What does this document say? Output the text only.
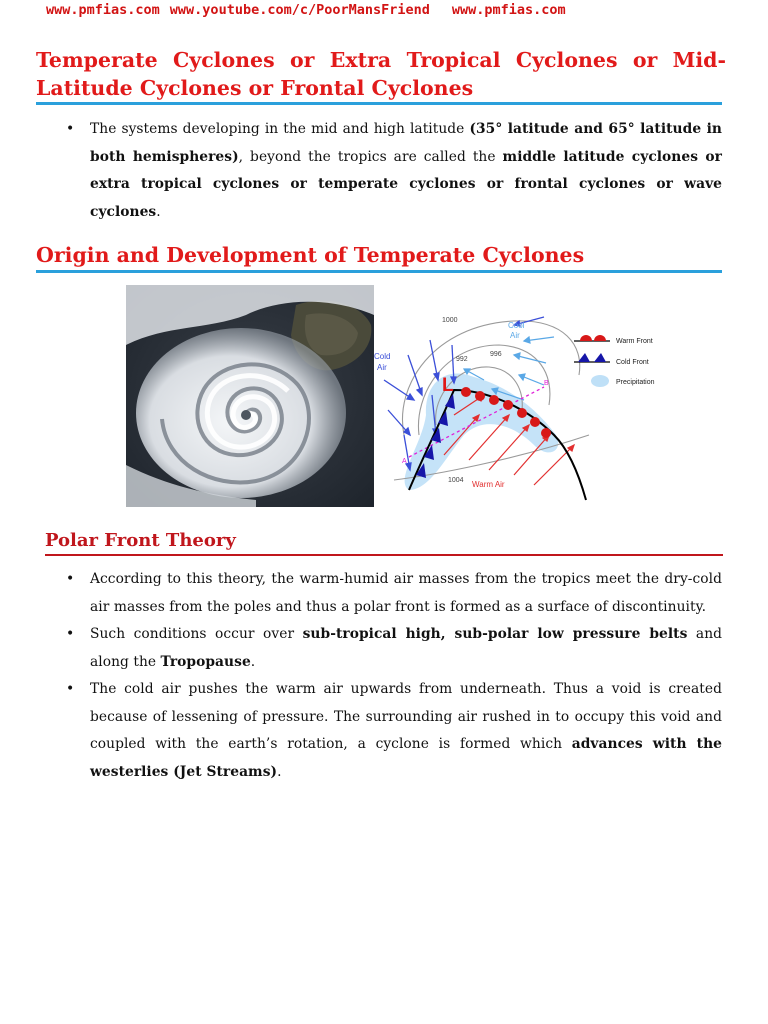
www.pmfias.com www.youtube.com/c/PoorMansFriend www.pmfias.com
Temperate Cyclones or Extra Tropical Cyclones or Mid-Latitude Cyclones or Frontal Cyclones
• The systems developing in the mid and high latitude (35° latitude and 65° latitude in both hemispheres), beyond the tropics are called the middle latitude cyclones or extra tropical cyclones or temperate cyclones or frontal cyclones or wave cyclones.
Origin and Development of Temperate Cyclones
1000
992
996
1004
A
B
L
Cool
Air
Cold
Air
Warm Air
Warm Front
Cold Front
Precipitation
Polar Front Theory
• According to this theory, the warm-humid air masses from the tropics meet the dry-cold air masses from the poles and thus a polar front is formed as a surface of discontinuity.
• Such conditions occur over sub-tropical high, sub-polar low pressure belts and along the Tropopause.
• The cold air pushes the warm air upwards from underneath. Thus a void is created because of lessening of pressure. The surrounding air rushed in to occupy this void and coupled with the earth’s rotation, a cyclone is formed which advances with the westerlies (Jet Streams).
